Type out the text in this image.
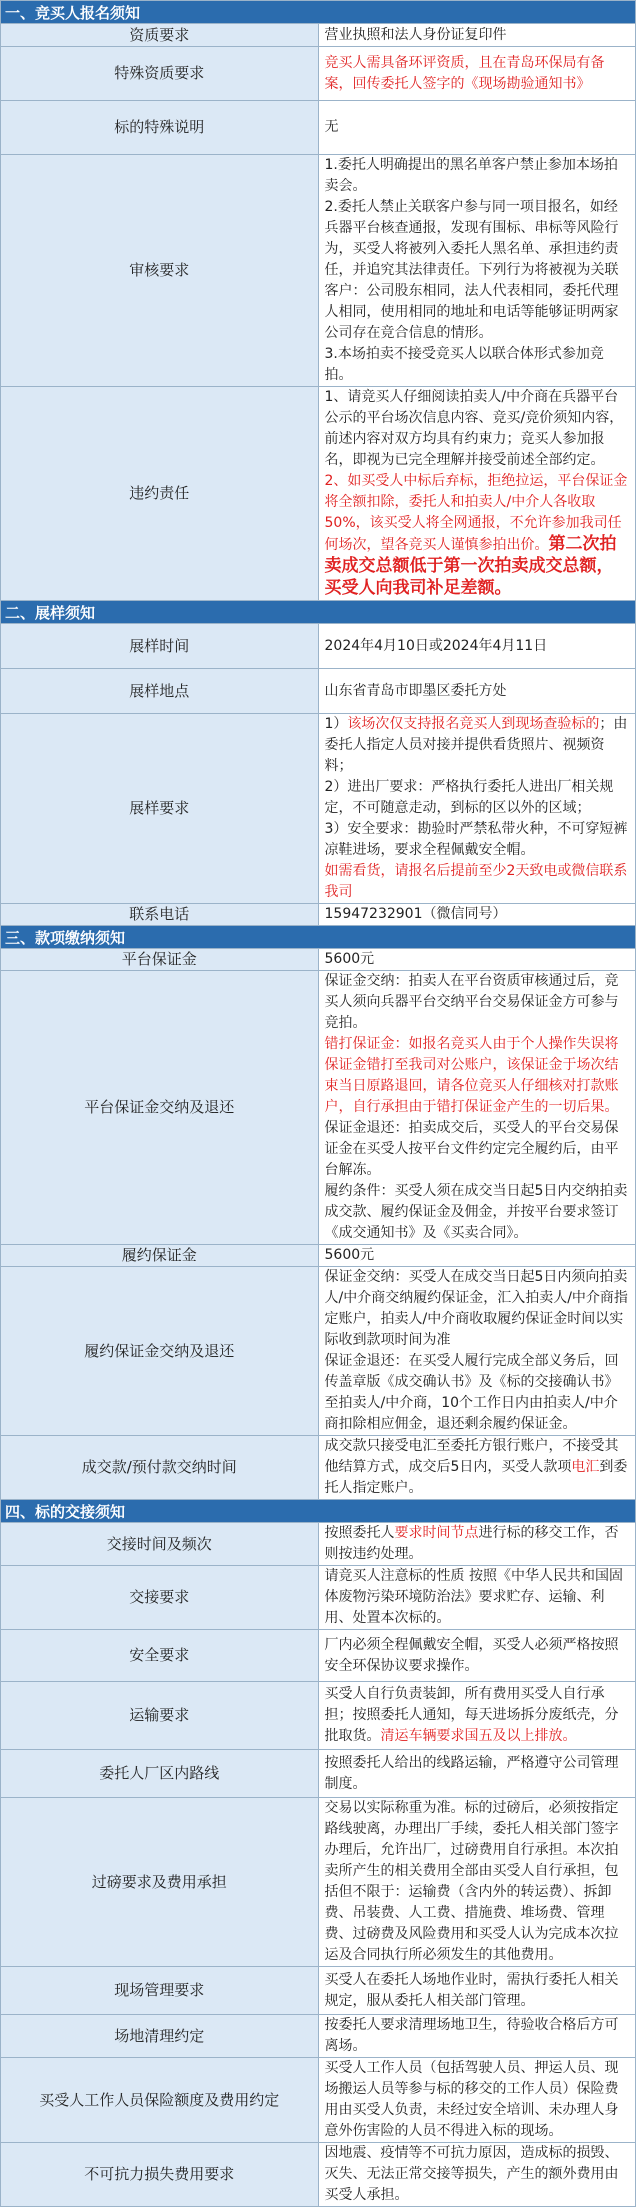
一、竞买人报名须知	
资质要求	营业执照和法人身份证复印件
特殊资质要求	竞买人需具备环评资质，且在青岛环保局有备案，回传委托人签字的《现场勘验通知书》
标的特殊说明	无
审核要求	1.委托人明确提出的黑名单客户禁止参加本场拍卖会。
2.委托人禁止关联客户参与同一项目报名，如经兵器平台核查通报，发现有围标、串标等风险行为，买受人将被列入委托人黑名单、承担违约责任，并追究其法律责任。下列行为将被视为关联客户：公司股东相同，法人代表相同，委托代理人相同，使用相同的地址和电话等能够证明两家公司存在竞合信息的情形。
3.本场拍卖不接受竞买人以联合体形式参加竞拍。

违约责任	1、请竞买人仔细阅读拍卖人/中介商在兵器平台公示的平台场次信息内容、竞买/竞价须知内容，前述内容对双方均具有约束力；竞买人参加报名，即视为已完全理解并接受前述全部约定。
2、如买受人中标后弃标，拒绝拉运，平台保证金将全额扣除，委托人和拍卖人/中介人各收取50%，该买受人将全网通报，不允许参加我司任何场次，望各竞买人谨慎参拍出价。第二次拍卖成交总额低于第一次拍卖成交总额，买受人向我司补足差额。
二、展样须知	
展样时间	2024年4月10日或2024年4月11日
展样地点	山东省青岛市即墨区委托方处
展样要求	1）该场次仅支持报名竞买人到现场查验标的；由委托人指定人员对接并提供看货照片、视频资料；
2）进出厂要求：严格执行委托人进出厂相关规定，不可随意走动，到标的区以外的区域；
3）安全要求：勘验时严禁私带火种，不可穿短裤凉鞋进场，要求全程佩戴安全帽。
如需看货，请报名后提前至少2天致电或微信联系我司

联系电话	15947232901（微信同号）
三、款项缴纳须知	
平台保证金	5600元
平台保证金交纳及退还	保证金交纳：拍卖人在平台资质审核通过后，竞买人须向兵器平台交纳平台交易保证金方可参与竞拍。
错打保证金：如报名竞买人由于个人操作失误将保证金错打至我司对公账户，该保证金于场次结束当日原路退回，请各位竞买人仔细核对打款账户，自行承担由于错打保证金产生的一切后果。
保证金退还：拍卖成交后，买受人的平台交易保证金在买受人按平台文件约定完全履约后，由平台解冻。
履约条件：买受人须在成交当日起5日内交纳拍卖成交款、履约保证金及佣金，并按平台要求签订《成交通知书》及《买卖合同》。

履约保证金	5600元
履约保证金交纳及退还	保证金交纳：买受人在成交当日起5日内须向拍卖人/中介商交纳履约保证金，汇入拍卖人/中介商指定账户，拍卖人/中介商收取履约保证金时间以实际收到款项时间为准
保证金退还：在买受人履行完成全部义务后，回传盖章版《成交确认书》及《标的交接确认书》至拍卖人/中介商，10个工作日内由拍卖人/中介商扣除相应佣金，退还剩余履约保证金。

成交款/预付款交纳时间	成交款只接受电汇至委托方银行账户，不接受其他结算方式，成交后5日内，买受人款项电汇到委托人指定账户。
四、标的交接须知	
交接时间及频次	按照委托人要求时间节点进行标的移交工作，否则按违约处理。
交接要求	请竞买人注意标的性质 按照《中华人民共和国固体废物污染环境防治法》要求贮存、运输、利用、处置本次标的。
安全要求	厂内必须全程佩戴安全帽，买受人必须严格按照安全环保协议要求操作。
运输要求	买受人自行负责装卸，所有费用买受人自行承担；按照委托人通知，每天进场拆分废纸壳，分批取货。清运车辆要求国五及以上排放。
委托人厂区内路线	按照委托人给出的线路运输，严格遵守公司管理制度。
过磅要求及费用承担	交易以实际称重为准。标的过磅后，必须按指定路线驶离，办理出厂手续，委托人相关部门签字办理后，允许出厂，过磅费用自行承担。本次拍卖所产生的相关费用全部由买受人自行承担，包括但不限于：运输费（含内外的转运费）、拆卸费、吊装费、人工费、措施费、堆场费、管理费、过磅费及风险费用和买受人认为完成本次拉运及合同执行所必须发生的其他费用。
现场管理要求	买受人在委托人场地作业时，需执行委托人相关规定，服从委托人相关部门管理。
场地清理约定	按委托人要求清理场地卫生，待验收合格后方可离场。
买受人工作人员保险额度及费用约定	买受人工作人员（包括驾驶人员、押运人员、现场搬运人员等参与标的移交的工作人员）保险费用由买受人负责，未经过安全培训、未办理人身意外伤害险的人员不得进入标的现场。
不可抗力损失费用要求	因地震、疫情等不可抗力原因，造成标的损毁、灭失、无法正常交接等损失，产生的额外费用由买受人承担。
